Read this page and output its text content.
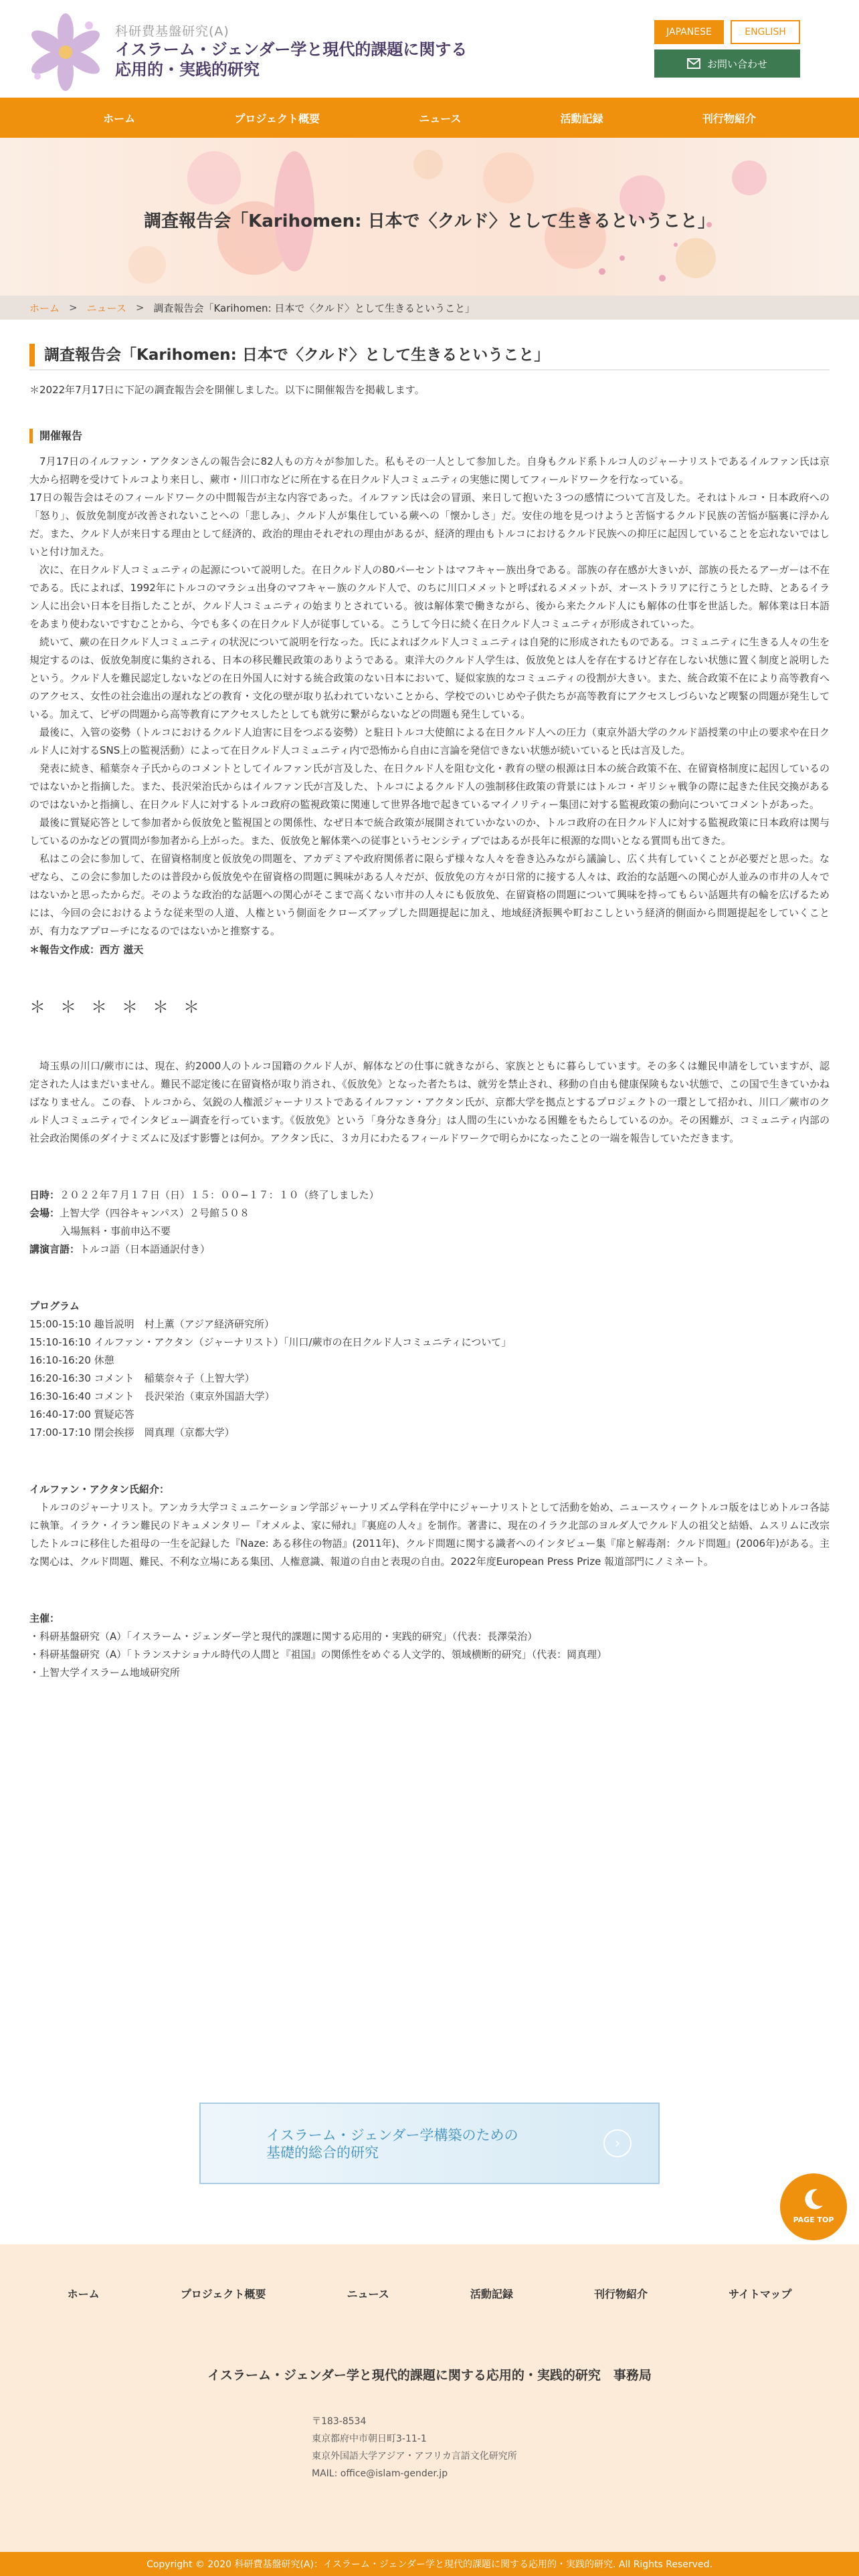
科研費基盤研究(A)
イスラーム・ジェンダー学と現代的課題に関する
応用的・実践的研究
JAPANESE	ENGLISH
お問い合わせ
ホーム	プロジェクト概要	ニュース	活動記録	刊行物紹介
調査報告会「Karihomen: 日本で〈クルド〉として生きるということ」
ホーム > ニュース > 調査報告会「Karihomen: 日本で〈クルド〉として生きるということ」
調査報告会「Karihomen: 日本で〈クルド〉として生きるということ」

＊2022年7月17日に下記の調査報告会を開催しました。以下に開催報告を掲載します。

開催報告

7月17日のイルファン・アクタンさんの報告会に82人もの方々が参加した。私もその一人として参加した。自身もクルド系トルコ人のジャーナリストであるイルファン氏は京大から招聘を受けてトルコより来日し、蕨市・川口市などに所在する在日クルド人コミュニティの実態に関してフィールドワークを行なっている。

17日の報告会はそのフィールドワークの中間報告が主な内容であった。イルファン氏は会の冒頭、来日して抱いた３つの感情について言及した。それはトルコ・日本政府への「怒り」、仮放免制度が改善されないことへの「悲しみ」、クルド人が集住している蕨への「懐かしさ」だ。安住の地を見つけようと苦悩するクルド民族の苦悩が脳裏に浮かんだ。また、クルド人が来日する理由として経済的、政治的理由それぞれの理由があるが、経済的理由もトルコにおけるクルド民族への抑圧に起因していることを忘れないではしいと付け加えた。

次に、在日クルド人コミュニティの起源について説明した。在日クルド人の80パーセントはマフキャー族出身である。部族の存在感が大きいが、部族の長たるアーガーは不在である。氏によれば、1992年にトルコのマラシュ出身のマフキャー族のクルド人で、のちに川口メメットと呼ばれるメメットが、オーストラリアに行こうとした時、とあるイラン人に出会い日本を目指したことが、クルド人コミュニティの始まりとされている。彼は解体業で働きながら、後から来たクルド人にも解体の仕事を世話した。解体業は日本語をあまり使わないですむことから、今でも多くの在日クルド人が従事している。こうして今日に続く在日クルド人コミュニティが形成されていった。

続いて、蕨の在日クルド人コミュニティの状況について説明を行なった。氏によればクルド人コミュニティは自発的に形成されたものである。コミュニティに生きる人々の生を規定するのは、仮放免制度に集約される、日本の移民難民政策のありようである。東洋大のクルド人学生は、仮放免とは人を存在するけど存在しない状態に置く制度と説明したという。クルド人を難民認定しないなどの在日外国人に対する統合政策のない日本において、疑似家族的なコミュニティの役割が大きい。また、統合政策不在により高等教育へのアクセス、女性の社会進出の遅れなどの教育・文化の壁が取り払われていないことから、学校でのいじめや子供たちが高等教育にアクセスしづらいなど喫緊の問題が発生している。加えて、ビザの問題から高等教育にアクセスしたとしても就労に繋がらないなどの問題も発生している。

最後に、入管の姿勢（トルコにおけるクルド人迫害に目をつぶる姿勢）と駐日トルコ大使館による在日クルド人への圧力（東京外語大学のクルド語授業の中止の要求や在日クルド人に対するSNS上の監視活動）によって在日クルド人コミュニティ内で恐怖から自由に言論を発信できない状態が続いていると氏は言及した。

発表に続き、稲葉奈々子氏からのコメントとしてイルファン氏が言及した、在日クルド人を阻む文化・教育の壁の根源は日本の統合政策不在、在留資格制度に起因しているのではないかと指摘した。また、長沢栄治氏からはイルファン氏が言及した、トルコによるクルド人の強制移住政策の背景にはトルコ・ギリシャ戦争の際に起きた住民交換があるのではないかと指摘し、在日クルド人に対するトルコ政府の監視政策に関連して世界各地で起きているマイノリティー集団に対する監視政策の動向についてコメントがあった。

最後に質疑応答として参加者から仮放免と監視国との関係性、なぜ日本で統合政策が展開されていかないのか、トルコ政府の在日クルド人に対する監視政策に日本政府は関与しているのかなどの質問が参加者から上がった。また、仮放免と解体業への従事というセンシティブではあるが長年に根源的な問いとなる質問も出てきた。

私はこの会に参加して、在留資格制度と仮放免の問題を、アカデミアや政府関係者に限らず様々な人々を巻き込みながら議論し、広く共有していくことが必要だと思った。なぜなら、この会に参加したのは普段から仮放免や在留資格の問題に興味がある人々だが、仮放免の方々が日常的に接する人々は、政治的な話題への関心が人並みの市井の人々ではないかと思ったからだ。そのような政治的な話題への関心がそこまで高くない市井の人々にも仮放免、在留資格の問題について興味を持ってもらい話題共有の輪を広げるためには、今回の会におけるような従来型の人道、人権という側面をクローズアップした問題提起に加え、地域経済振興や町おこしという経済的側面から問題提起をしていくことが、有力なアプローチになるのではないかと推察する。

＊報告文作成：西方 滋天

＊＊＊＊＊＊

埼玉県の川口/蕨市には、現在、約2000人のトルコ国籍のクルド人が、解体などの仕事に就きながら、家族とともに暮らしています。その多くは難民申請をしていますが、認定された人はまだいません。難民不認定後に在留資格が取り消され、《仮放免》となった者たちは、就労を禁止され、移動の自由も健康保険もない状態で、この国で生きていかねばなりません。この春、トルコから、気鋭の人権派ジャーナリストであるイルファン・アクタン氏が、京都大学を拠点とするプロジェクトの一環として招かれ、川口／蕨市のクルド人コミュニティでインタビュー調査を行っています。《仮放免》という「身分なき身分」は人間の生にいかなる困難をもたらしているのか。その困難が、コミュニティ内部の社会政治関係のダイナミズムに及ぼす影響とは何か。アクタン氏に、３カ月にわたるフィールドワークで明らかになったことの一端を報告していただきます。

日時：２０２２年７月１７日（日）１５：００−１７：１０（終了しました）
会場：上智大学（四谷キャンパス）２号館５０８
入場無料・事前申込不要
講演言語：トルコ語（日本語通訳付き）
プログラム
15:00-15:10 趣旨説明　村上薫（アジア経済研究所）
15:10-16:10 イルファン・アクタン（ジャーナリスト）「川口/蕨市の在日クルド人コミュニティについて」
16:10-16:20 休憩
16:20-16:30 コメント　稲葉奈々子（上智大学）
16:30-16:40 コメント　長沢栄治（東京外国語大学）
16:40-17:00 質疑応答
17:00-17:10 閉会挨拶　岡真理（京都大学）
イルファン・アクタン氏紹介：

トルコのジャーナリスト。アンカラ大学コミュニケーション学部ジャーナリズム学科在学中にジャーナリストとして活動を始め、ニュースウィークトルコ版をはじめトルコ各誌に執筆。イラク・イラン難民のドキュメンタリー『オメルよ、家に帰れ』『裏庭の人々』を制作。著書に、現在のイラク北部のヨルダ人でクルド人の祖父と結婚、ムスリムに改宗したトルコに移住した祖母の一生を記録した『Naze: ある移住の物語』(2011年)、クルド問題に関する識者へのインタビュー集『扉と解毒剤：クルド問題』(2006年)がある。主な関心は、クルド問題、難民、不利な立場にある集団、人権意識、報道の自由と表現の自由。2022年度European Press Prize 報道部門にノミネート。

主催：
・科研基盤研究（A）「イスラーム・ジェンダー学と現代的課題に関する応用的・実践的研究」（代表：長澤榮治）
・科研基盤研究（A）「トランスナショナル時代の人間と『祖国』の関係性をめぐる人文学的、領域横断的研究」（代表：岡真理）
・上智大学イスラーム地域研究所
イスラーム・ジェンダー学構築のための
基礎的総合的研究
›
PAGE TOP
ホーム	プロジェクト概要	ニュース	活動記録	刊行物紹介	サイトマップ
イスラーム・ジェンダー学と現代的課題に関する応用的・実践的研究　事務局
〒183-8534
東京都府中市朝日町3-11-1
東京外国語大学アジア・アフリカ言語文化研究所
MAIL: office@islam-gender.jp
Copyright © 2020 科研費基盤研究(A)：イスラーム・ジェンダー学と現代的課題に関する応用的・実践的研究. All Rights Reserved.
